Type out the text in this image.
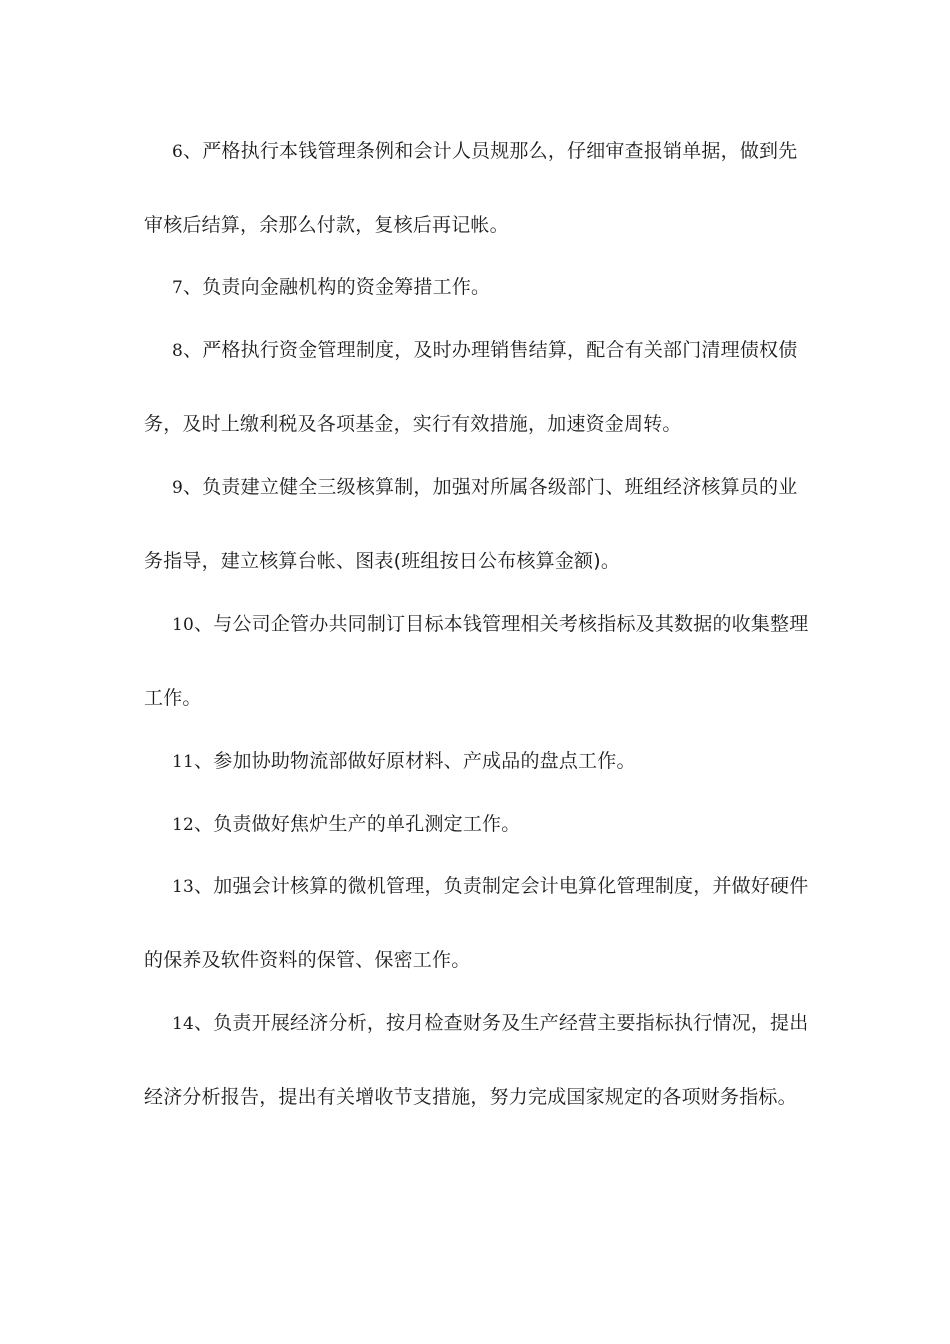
6、严格执行本钱管理条例和会计人员规那么，仔细审查报销单据，做到先
审核后结算，余那么付款，复核后再记帐。
7、负责向金融机构的资金筹措工作。
8、严格执行资金管理制度，及时办理销售结算，配合有关部门清理债权债
务，及时上缴利税及各项基金，实行有效措施，加速资金周转。
9、负责建立健全三级核算制，加强对所属各级部门、班组经济核算员的业
务指导，建立核算台帐、图表(班组按日公布核算金额)。
10、与公司企管办共同制订目标本钱管理相关考核指标及其数据的收集整理
工作。
11、参加协助物流部做好原材料、产成品的盘点工作。
12、负责做好焦炉生产的单孔测定工作。
13、加强会计核算的微机管理，负责制定会计电算化管理制度，并做好硬件
的保养及软件资料的保管、保密工作。
14、负责开展经济分析，按月检查财务及生产经营主要指标执行情况，提出
经济分析报告，提出有关增收节支措施，努力完成国家规定的各项财务指标。
